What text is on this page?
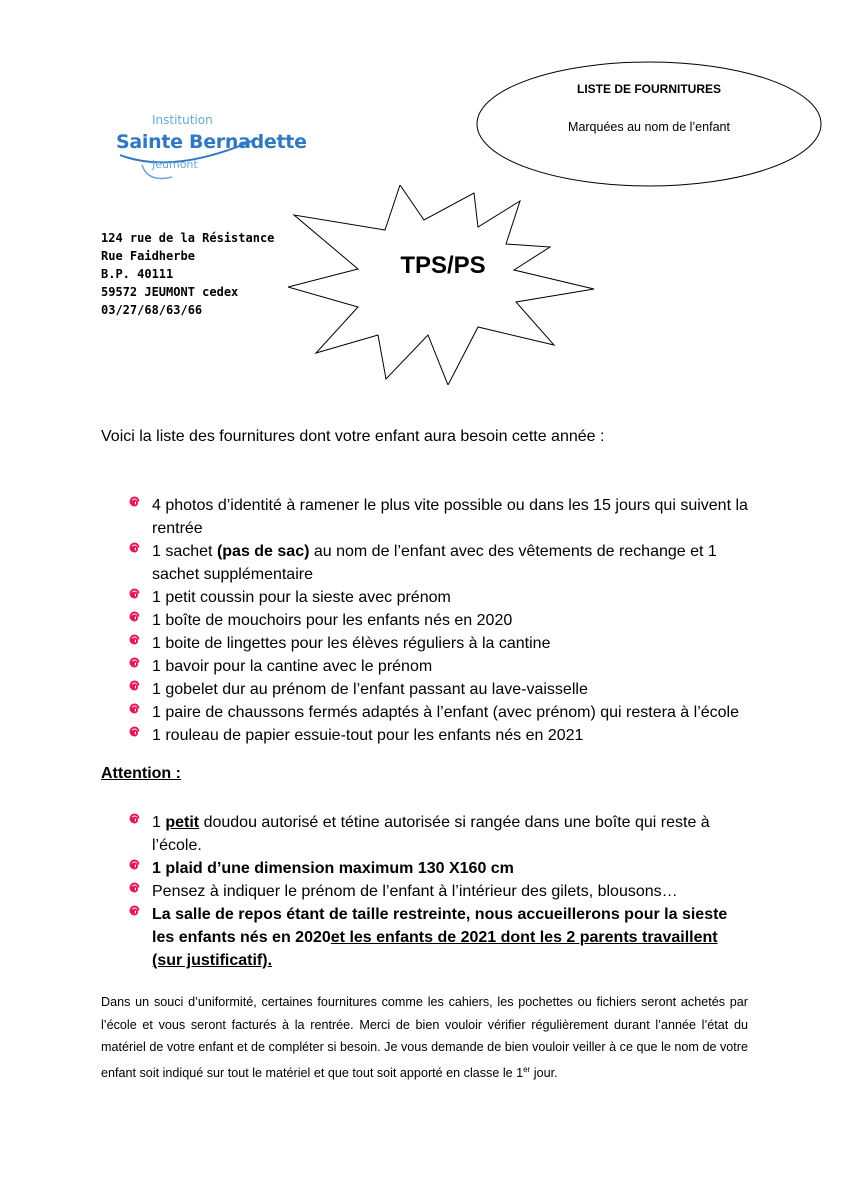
Institution
Sainte Bernadette
Jeumont
124 rue de la Résistance
Rue Faidherbe
B.P. 40111
59572 JEUMONT cedex
03/27/68/63/66
LISTE DE FOURNITURES
Marquées au nom de l’enfant
TPS/PS
Voici la liste des fournitures dont votre enfant aura besoin cette année :
4 photos d’identité à ramener le plus vite possible ou dans les 15 jours qui suivent la rentrée
1 sachet (pas de sac) au nom de l’enfant avec des vêtements de rechange et 1 sachet supplémentaire
1 petit coussin pour la sieste avec prénom
1 boîte de mouchoirs pour les enfants nés en 2020
1 boite de lingettes pour les élèves réguliers à la cantine
1 bavoir pour la cantine avec le prénom
1 gobelet dur au prénom de l’enfant passant au lave-vaisselle
1 paire de chaussons fermés adaptés à l’enfant (avec prénom) qui restera à l’école
1 rouleau de papier essuie-tout pour les enfants nés en 2021
Attention :
1 petit doudou autorisé et tétine autorisée si rangée dans une boîte qui reste à l’école.
1 plaid d’une dimension maximum 130 X160 cm
Pensez à indiquer le prénom de l’enfant à l’intérieur des gilets, blousons…
La salle de repos étant de taille restreinte, nous accueillerons pour la sieste les enfants nés en 2020et les enfants de 2021 dont les 2 parents travaillent (sur justificatif).
Dans un souci d’uniformité, certaines fournitures comme les cahiers, les pochettes ou fichiers seront achetés par l’école et vous seront facturés à la rentrée. Merci de bien vouloir vérifier régulièrement durant l’année l’état du matériel de votre enfant et de compléter si besoin. Je vous demande de bien vouloir veiller à ce que le nom de votre enfant soit indiqué sur tout le matériel et que tout soit apporté en classe le 1er jour.
